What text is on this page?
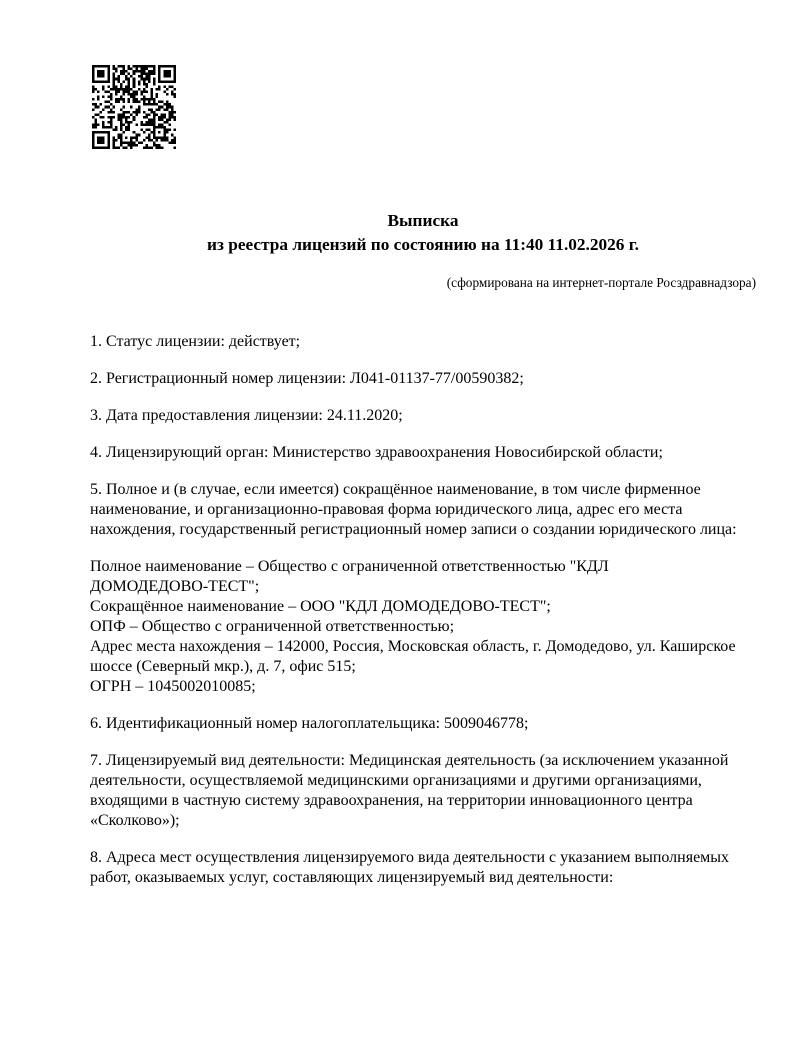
Выписка
из реестра лицензий по состоянию на 11:40 11.02.2026 г.
(сформирована на интернет-портале Росздравнадзора)

1. Статус лицензии: действует;

2. Регистрационный номер лицензии: Л041-01137-77/00590382;

3. Дата предоставления лицензии: 24.11.2020;

4. Лицензирующий орган: Министерство здравоохранения Новосибирской области;

5. Полное и (в случае, если имеется) сокращённое наименование, в том числе фирменное
наименование, и организационно-правовая форма юридического лица, адрес его места
нахождения, государственный регистрационный номер записи о создании юридического лица:

Полное наименование – Общество с ограниченной ответственностью "КДЛ
ДОМОДЕДОВО-ТЕСТ";
Сокращённое наименование – ООО "КДЛ ДОМОДЕДОВО-ТЕСТ";
ОПФ – Общество с ограниченной ответственностью;
Адрес места нахождения – 142000, Россия, Московская область, г. Домодедово, ул. Каширское
шоссе (Северный мкр.), д. 7, офис 515;
ОГРН – 1045002010085;

6. Идентификационный номер налогоплательщика: 5009046778;

7. Лицензируемый вид деятельности: Медицинская деятельность (за исключением указанной
деятельности, осуществляемой медицинскими организациями и другими организациями,
входящими в частную систему здравоохранения, на территории инновационного центра
«Сколково»);

8. Адреса мест осуществления лицензируемого вида деятельности с указанием выполняемых
работ, оказываемых услуг, составляющих лицензируемый вид деятельности:
